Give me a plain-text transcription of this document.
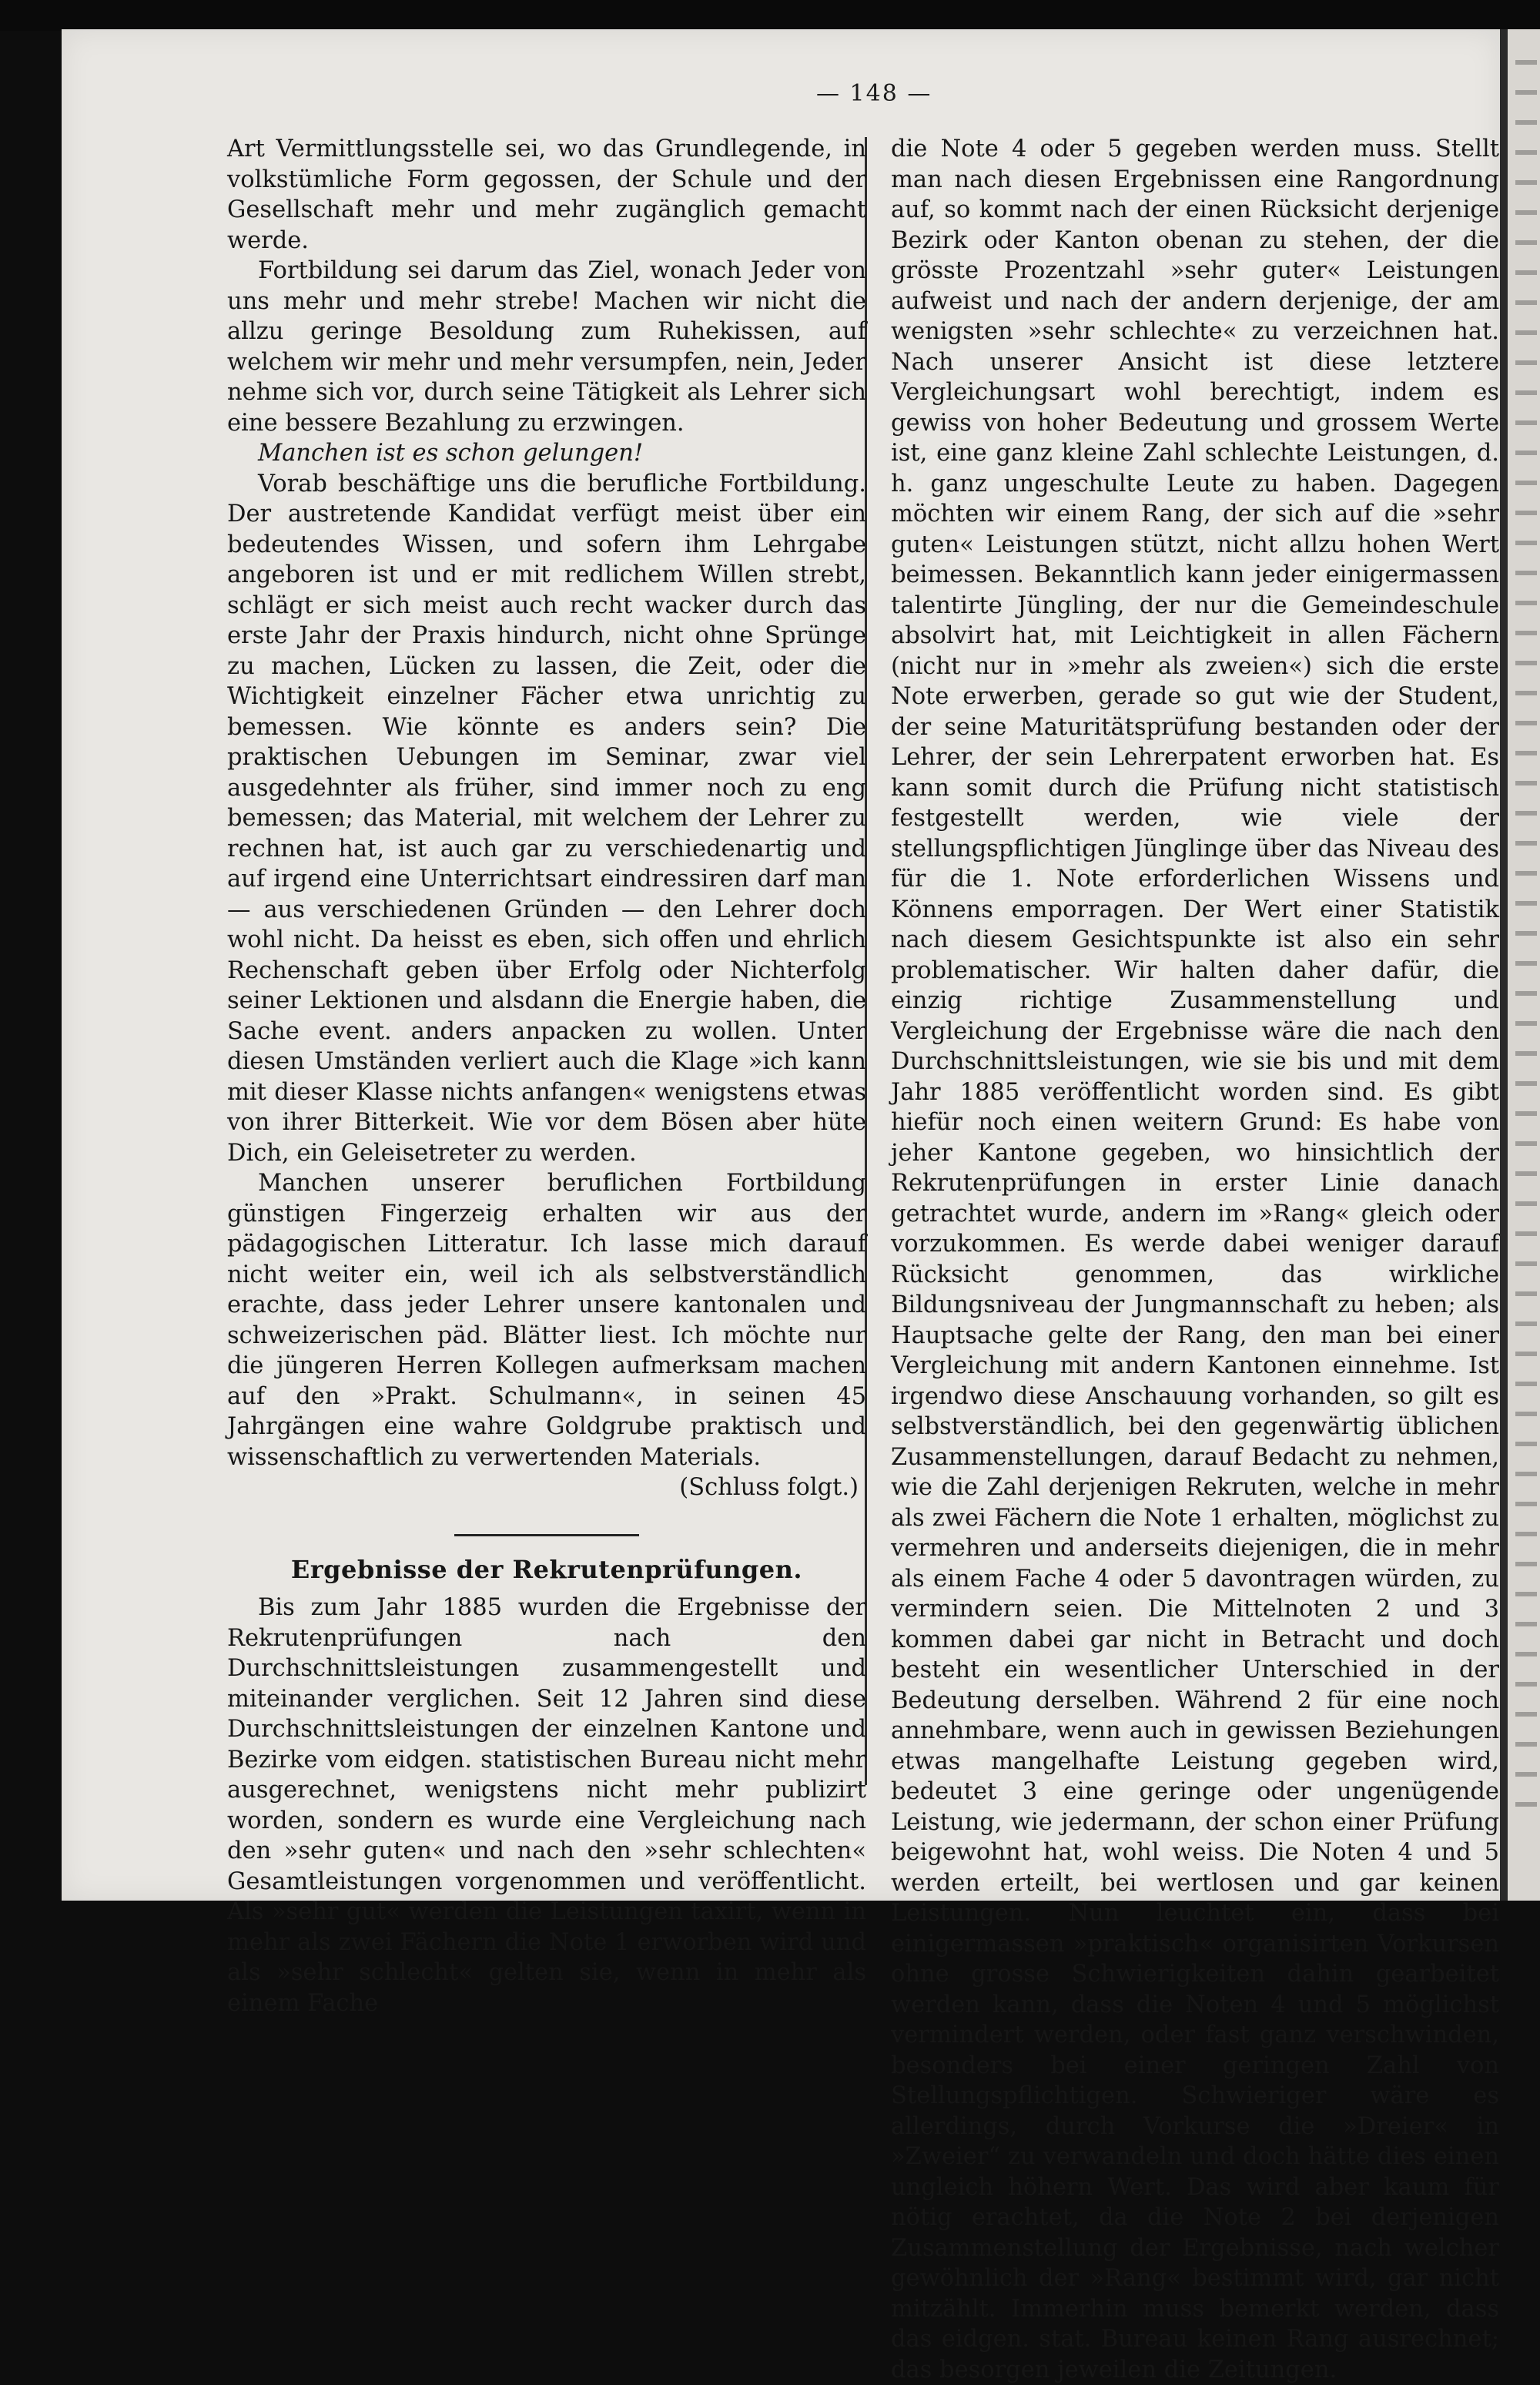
— 148 —

Art Vermittlungsstelle sei, wo das Grundlegende, in volkstümliche Form gegossen, der Schule und der Gesellschaft mehr und mehr zugänglich gemacht werde.

Fortbildung sei darum das Ziel, wonach Jeder von uns mehr und mehr strebe! Machen wir nicht die allzu geringe Besoldung zum Ruhekissen, auf welchem wir mehr und mehr versumpfen, nein, Jeder nehme sich vor, durch seine Tätigkeit als Lehrer sich eine bessere Bezahlung zu erzwingen.

Manchen ist es schon gelungen!

Vorab beschäftige uns die berufliche Fortbildung. Der austretende Kandidat verfügt meist über ein bedeutendes Wissen, und sofern ihm Lehrgabe angeboren ist und er mit redlichem Willen strebt, schlägt er sich meist auch recht wacker durch das erste Jahr der Praxis hindurch, nicht ohne Sprünge zu machen, Lücken zu lassen, die Zeit, oder die Wichtigkeit einzelner Fächer etwa unrichtig zu bemessen. Wie könnte es anders sein? Die praktischen Uebungen im Seminar, zwar viel ausgedehnter als früher, sind immer noch zu eng bemessen; das Material, mit welchem der Lehrer zu rechnen hat, ist auch gar zu verschiedenartig und auf irgend eine Unterrichtsart eindressiren darf man — aus verschiedenen Gründen — den Lehrer doch wohl nicht. Da heisst es eben, sich offen und ehrlich Rechenschaft geben über Erfolg oder Nichterfolg seiner Lektionen und alsdann die Energie haben, die Sache event. anders anpacken zu wollen. Unter diesen Umständen verliert auch die Klage »ich kann mit dieser Klasse nichts anfangen« wenigstens etwas von ihrer Bitterkeit. Wie vor dem Bösen aber hüte Dich, ein Geleisetreter zu werden.

Manchen unserer beruflichen Fortbildung günstigen Fingerzeig erhalten wir aus der pädagogischen Litteratur. Ich lasse mich darauf nicht weiter ein, weil ich als selbstverständlich erachte, dass jeder Lehrer unsere kantonalen und schweizerischen päd. Blätter liest. Ich möchte nur die jüngeren Herren Kollegen aufmerksam machen auf den »Prakt. Schulmann«, in seinen 45 Jahrgängen eine wahre Goldgrube praktisch und wissenschaftlich zu verwertenden Materials.

(Schluss folgt.)
Ergebnisse der Rekrutenprüfungen.

Bis zum Jahr 1885 wurden die Ergebnisse der Rekrutenprüfungen nach den Durchschnittsleistungen zusammengestellt und miteinander verglichen. Seit 12 Jahren sind diese Durchschnittsleistungen der einzelnen Kantone und Bezirke vom eidgen. statistischen Bureau nicht mehr ausgerechnet, wenigstens nicht mehr publizirt worden, sondern es wurde eine Vergleichung nach den »sehr guten« und nach den »sehr schlechten« Gesamtleistungen vorgenommen und veröffentlicht. Als »sehr gut« werden die Leistungen taxirt, wenn in mehr als zwei Fächern die Note 1 erworben wird und als »sehr schlecht« gelten sie, wenn in mehr als einem Fache

die Note 4 oder 5 gegeben werden muss. Stellt man nach diesen Ergebnissen eine Rangordnung auf, so kommt nach der einen Rücksicht derjenige Bezirk oder Kanton obenan zu stehen, der die grösste Prozentzahl »sehr guter« Leistungen aufweist und nach der andern derjenige, der am wenigsten »sehr schlechte« zu verzeichnen hat. Nach unserer Ansicht ist diese letztere Vergleichungsart wohl berechtigt, indem es gewiss von hoher Bedeutung und grossem Werte ist, eine ganz kleine Zahl schlechte Leistungen, d. h. ganz ungeschulte Leute zu haben. Dagegen möchten wir einem Rang, der sich auf die »sehr guten« Leistungen stützt, nicht allzu hohen Wert beimessen. Bekanntlich kann jeder einigermassen talentirte Jüngling, der nur die Gemeindeschule absolvirt hat, mit Leichtigkeit in allen Fächern (nicht nur in »mehr als zweien«) sich die erste Note erwerben, gerade so gut wie der Student, der seine Maturitätsprüfung bestanden oder der Lehrer, der sein Lehrerpatent erworben hat. Es kann somit durch die Prüfung nicht statistisch festgestellt werden, wie viele der stellungspflichtigen Jünglinge über das Niveau des für die 1. Note erforderlichen Wissens und Könnens emporragen. Der Wert einer Statistik nach diesem Gesichtspunkte ist also ein sehr problematischer. Wir halten daher dafür, die einzig richtige Zusammenstellung und Vergleichung der Ergebnisse wäre die nach den Durchschnittsleistungen, wie sie bis und mit dem Jahr 1885 veröffentlicht worden sind. Es gibt hiefür noch einen weitern Grund: Es habe von jeher Kantone gegeben, wo hinsichtlich der Rekrutenprüfungen in erster Linie danach getrachtet wurde, andern im »Rang« gleich oder vorzukommen. Es werde dabei weniger darauf Rücksicht genommen, das wirkliche Bildungsniveau der Jungmannschaft zu heben; als Hauptsache gelte der Rang, den man bei einer Vergleichung mit andern Kantonen einnehme. Ist irgendwo diese Anschauung vorhanden, so gilt es selbstverständlich, bei den gegenwärtig üblichen Zusammenstellungen, darauf Bedacht zu nehmen, wie die Zahl derjenigen Rekruten, welche in mehr als zwei Fächern die Note 1 erhalten, möglichst zu vermehren und anderseits diejenigen, die in mehr als einem Fache 4 oder 5 davontragen würden, zu vermindern seien. Die Mittelnoten 2 und 3 kommen dabei gar nicht in Betracht und doch besteht ein wesentlicher Unterschied in der Bedeutung derselben. Während 2 für eine noch annehmbare, wenn auch in gewissen Beziehungen etwas mangelhafte Leistung gegeben wird, bedeutet 3 eine geringe oder ungenügende Leistung, wie jedermann, der schon einer Prüfung beigewohnt hat, wohl weiss. Die Noten 4 und 5 werden erteilt, bei wertlosen und gar keinen Leistungen. Nun leuchtet ein, dass bei einigermassen »praktisch« organisirten Vorkursen ohne grosse Schwierigkeiten dahin gearbeitet werden kann, dass die Noten 4 und 5 möglichst vermindert werden, oder fast ganz verschwinden, besonders bei einer geringen Zahl von Stellungspflichtigen. Schwieriger wäre es allerdings, durch Vorkurse die »Dreier« in »Zweier“ zu verwandeln und doch hätte dies einen ungleich höhern Wert. Das wird aber kaum für nötig erachtet, da die Note 2 bei derjenigen Zusammenstellung der Ergebnisse, nach welcher gewöhnlich der »Rang« bestimmt wird, gar nicht mitzählt. Immerhin muss bemerkt werden, dass das eidgen. stat. Bureau keinen Rang ausrechnet; das besorgen jeweilen die Zeitungen.
